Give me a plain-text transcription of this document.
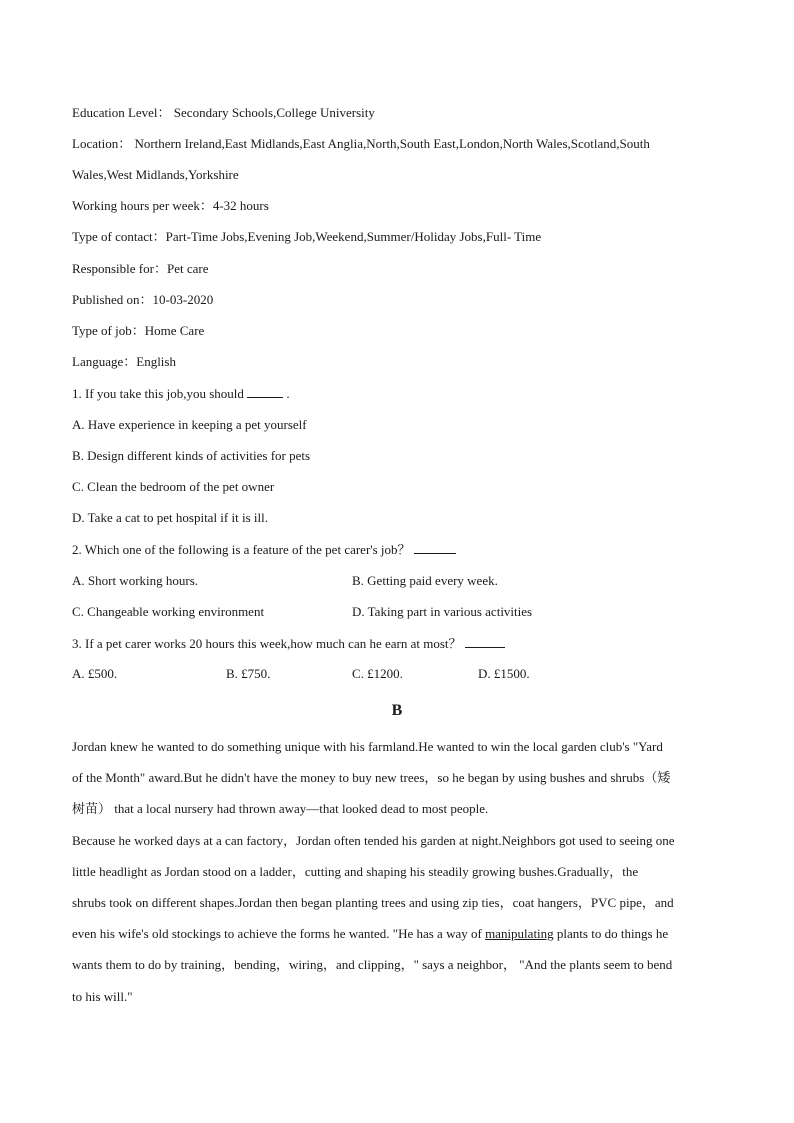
Education Level： Secondary Schools,College University
Location： Northern Ireland,East Midlands,East Anglia,North,South East,London,North Wales,Scotland,South
Wales,West Midlands,Yorkshire
Working hours per week：4-32 hours
Type of contact：Part-Time Jobs,Evening Job,Weekend,Summer/Holiday Jobs,Full- Time
Responsible for：Pet care
Published on：10-03-2020
Type of job：Home Care
Language：English
1. If you take this job,you should	.
A. Have experience in keeping a pet yourself
B. Design different kinds of activities for pets
C. Clean the bedroom of the pet owner
D. Take a cat to pet hospital if it is ill.
2. Which one of the following is a feature of the pet carer's job？
A. Short working hours.	B. Getting paid every week.
C. Changeable working environment	D. Taking part in various activities
3. If a pet carer works 20 hours this week,how much can he earn at most？
A. £500.	B. £750.	C. £1200.	D. £1500.
B
Jordan knew he wanted to do something unique with his farmland.He wanted to win the local garden club's "Yard
of the Month" award.But he didn't have the money to buy new trees，so he began by using bushes and shrubs（矮
树苗） that a local nursery had thrown away—that looked dead to most people.
Because he worked days at a can factory，Jordan often tended his garden at night.Neighbors got used to seeing one
little headlight as Jordan stood on a ladder，cutting and shaping his steadily growing bushes.Gradually，the
shrubs took on different shapes.Jordan then began planting trees and using zip ties，coat hangers，PVC pipe，and
even his wife's old stockings to achieve the forms he wanted. "He has a way of manipulating plants to do things he
wants them to do by training，bending，wiring，and clipping，" says a neighbor， "And the plants seem to bend
to his will."
